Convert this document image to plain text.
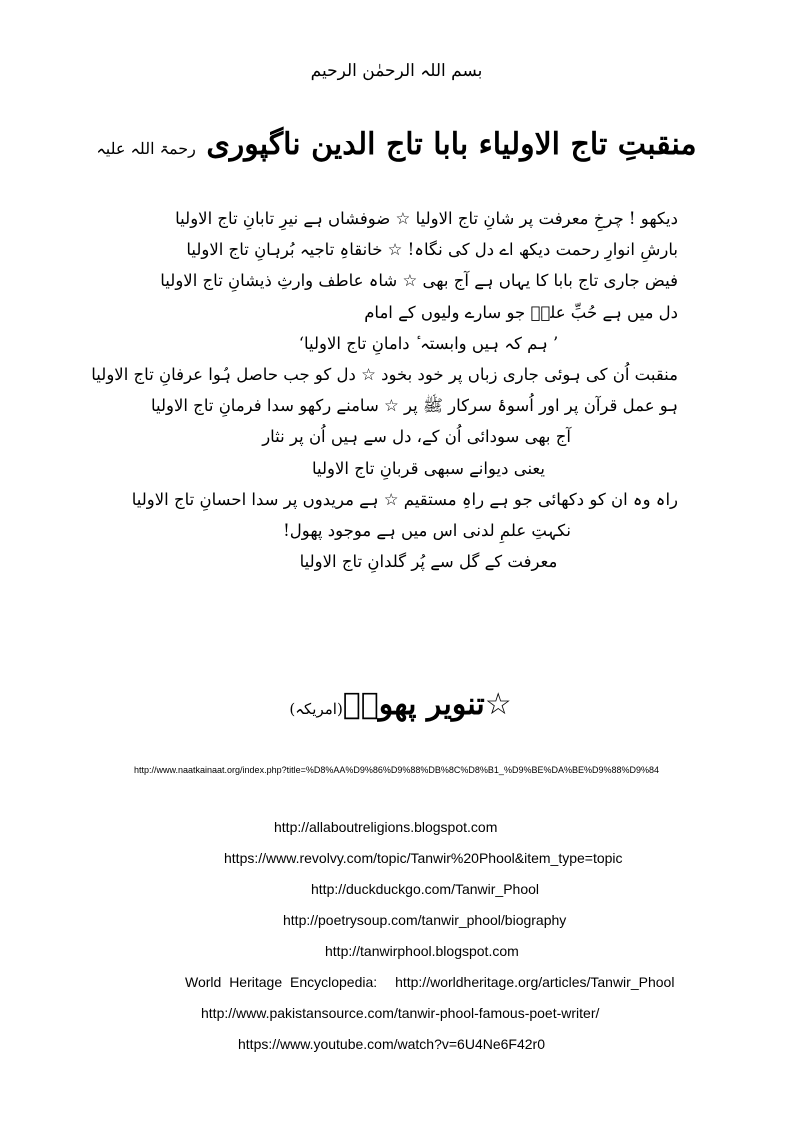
بسم اللہ الرحمٰن الرحیم
منقبتِ تاج الاولیاء بابا تاج الدین ناگپوری رحمۃ اللہ علیہ
دیکھو ! چرخِ معرفت پر شانِ تاج الاولیا ☆ ضوفشاں ہے نیرِ تابانِ تاج الاولیا
بارشِ انوارِ رحمت دیکھ اے دل کی نگاہ! ☆ خانقاہِ تاجیہ بُرہانِ تاج الاولیا
فیض جاری تاج بابا کا یہاں ہے آج بھی ☆ شاہ عاطف وارثِ ذیشانِ تاج الاولیا
دل میں ہے حُبِّ علیؓ جو سارے ولیوں کے امام
’ ہم کہ ہیں وابستہ ٔ دامانِ تاج الاولیا‘
منقبت اُن کی ہوئی جاری زباں پر خود بخود ☆ دل کو جب حاصل ہُوا عرفانِ تاج الاولیا
ہو عمل قرآن پر اور اُسوۂ سرکار ﷺ پر ☆ سامنے رکھو سدا فرمانِ تاج الاولیا
آج بھی سودائی اُن کے، دل سے ہیں اُن پر نثار
یعنی دیوانے سبھی قربانِ تاج الاولیا
راہ وہ ان کو دکھائی جو ہے راہِ مستقیم ☆ ہے مریدوں پر سدا احسانِ تاج الاولیا
نکہتِ علمِ لدنی اس میں ہے موجود پھول!
معرفت کے گل سے پُر گلدانِ تاج الاولیا
☆تنویر پھولؔ(امریکہ)
http://www.naatkainaat.org/index.php?title=%D8%AA%D9%86%D9%88%DB%8C%D8%B1_%D9%BE%DA%BE%D9%88%D9%84
http://allaboutreligions.blogspot.com
https://www.revolvy.com/topic/Tanwir%20Phool&item_type=topic
http://duckduckgo.com/Tanwir_Phool
http://poetrysoup.com/tanwir_phool/biography
http://tanwirphool.blogspot.com
World Heritage Encyclopedia: http://worldheritage.org/articles/Tanwir_Phool
http://www.pakistansource.com/tanwir-phool-famous-poet-writer/
https://www.youtube.com/watch?v=6U4Ne6F42r0
